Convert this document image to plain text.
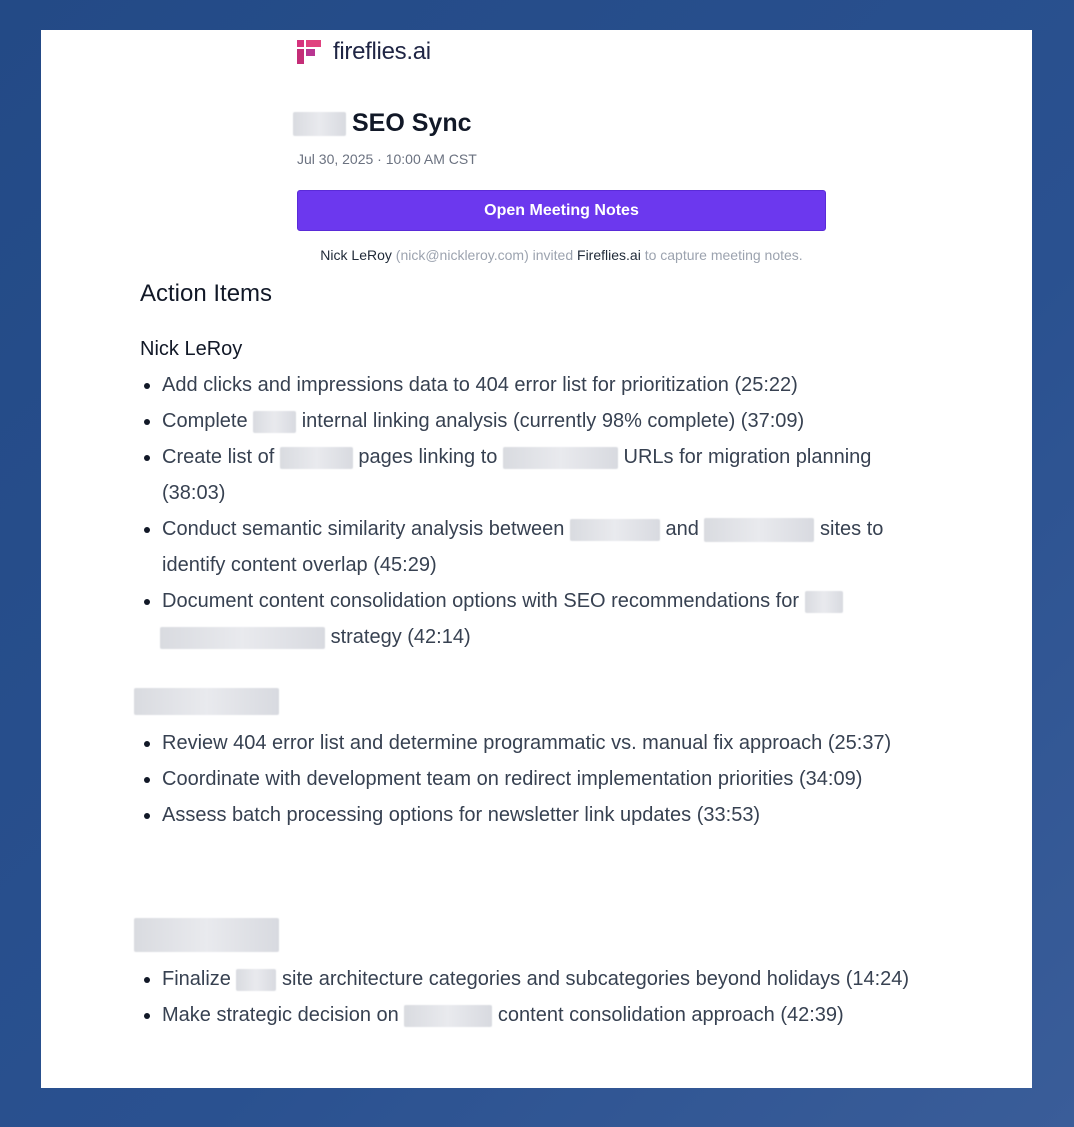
fireflies.ai
SEO Sync
Jul 30, 2025 · 10:00 AM CST
Open Meeting Notes
Nick LeRoy (nick@nickleroy.com) invited Fireflies.ai to capture meeting notes.
Action Items
Nick LeRoy
• Add clicks and impressions data to 404 error list for prioritization (25:22)
• Complete  internal linking analysis (currently 98% complete) (37:09)
• Create list of	pages linking to	URLs for migration planning (38:03)
• Conduct semantic similarity analysis between	and	sites to identify content overlap (45:29)
• Document content consolidation options with SEO recommendations for
strategy (42:14)
• Review 404 error list and determine programmatic vs. manual fix approach (25:37)
• Coordinate with development team on redirect implementation priorities (34:09)
• Assess batch processing options for newsletter link updates (33:53)
• Finalize  site architecture categories and subcategories beyond holidays (14:24)
• Make strategic decision on	content consolidation approach (42:39)
